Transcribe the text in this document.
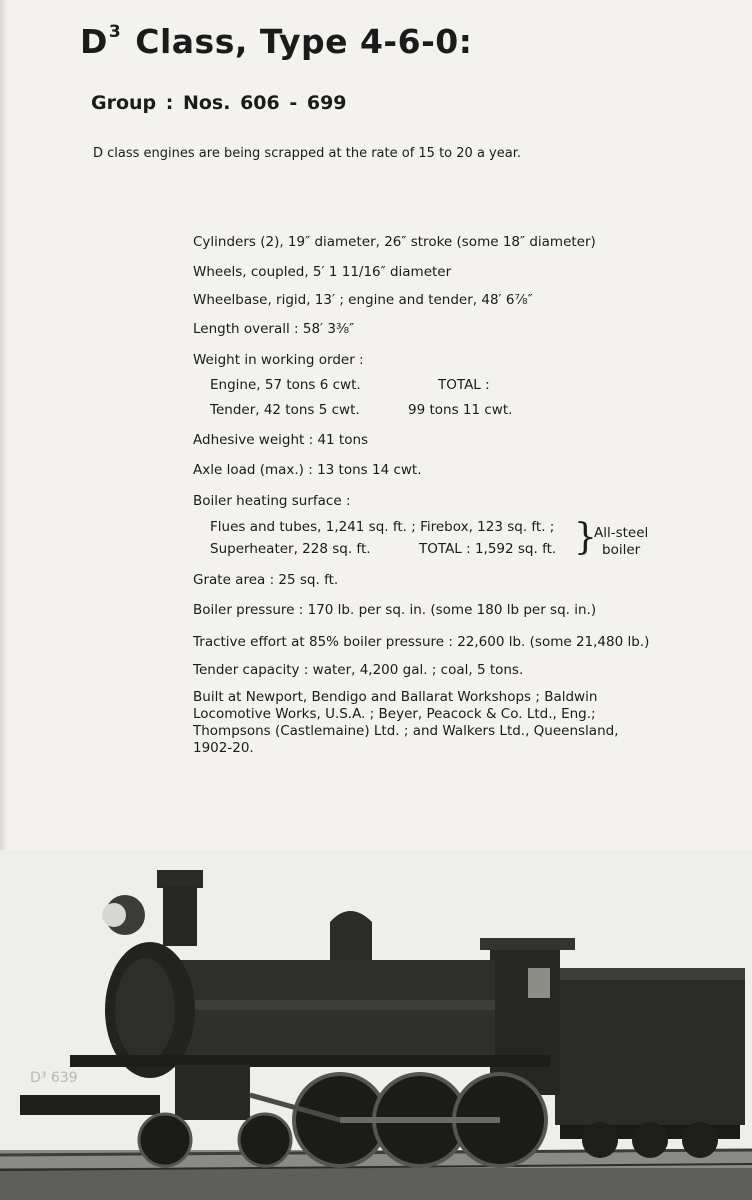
$D^3$ Class, Type 4-6-0:
Group : Nos. 606 - 699
D class engines are being scrapped at the rate of 15 to 20 a year.
Cylinders (2), 19″ diameter, 26″ stroke (some 18″ diameter)
Wheels, coupled, 5′ 1 11/16″ diameter
Wheelbase, rigid, 13′ ; engine and tender, 48′ 6⅞″
Length overall : 58′ 3⅜″
Weight in working order :
Engine, 57 tons 6 cwt.	TOTAL :
Tender, 42 tons 5 cwt.	99 tons 11 cwt.
Adhesive weight : 41 tons
Axle load (max.) : 13 tons 14 cwt.
Boiler heating surface :
Flues and tubes, 1,241 sq. ft. ; Firebox, 123 sq. ft. ;
Superheater, 228 sq. ft.	TOTAL : 1,592 sq. ft. }
All-steel
boiler
Grate area : 25 sq. ft.
Boiler pressure : 170 lb. per sq. in. (some 180 lb per sq. in.)
Tractive effort at 85% boiler pressure : 22,600 lb. (some 21,480 lb.)
Tender capacity : water, 4,200 gal. ; coal, 5 tons.
Built at Newport, Bendigo and Ballarat Workshops ; Baldwin Locomotive Works, U.S.A. ; Beyer, Peacock & Co. Ltd., Eng.; Thompsons (Castlemaine) Ltd. ; and Walkers Ltd., Queensland, 1902-20.
D³ 639
